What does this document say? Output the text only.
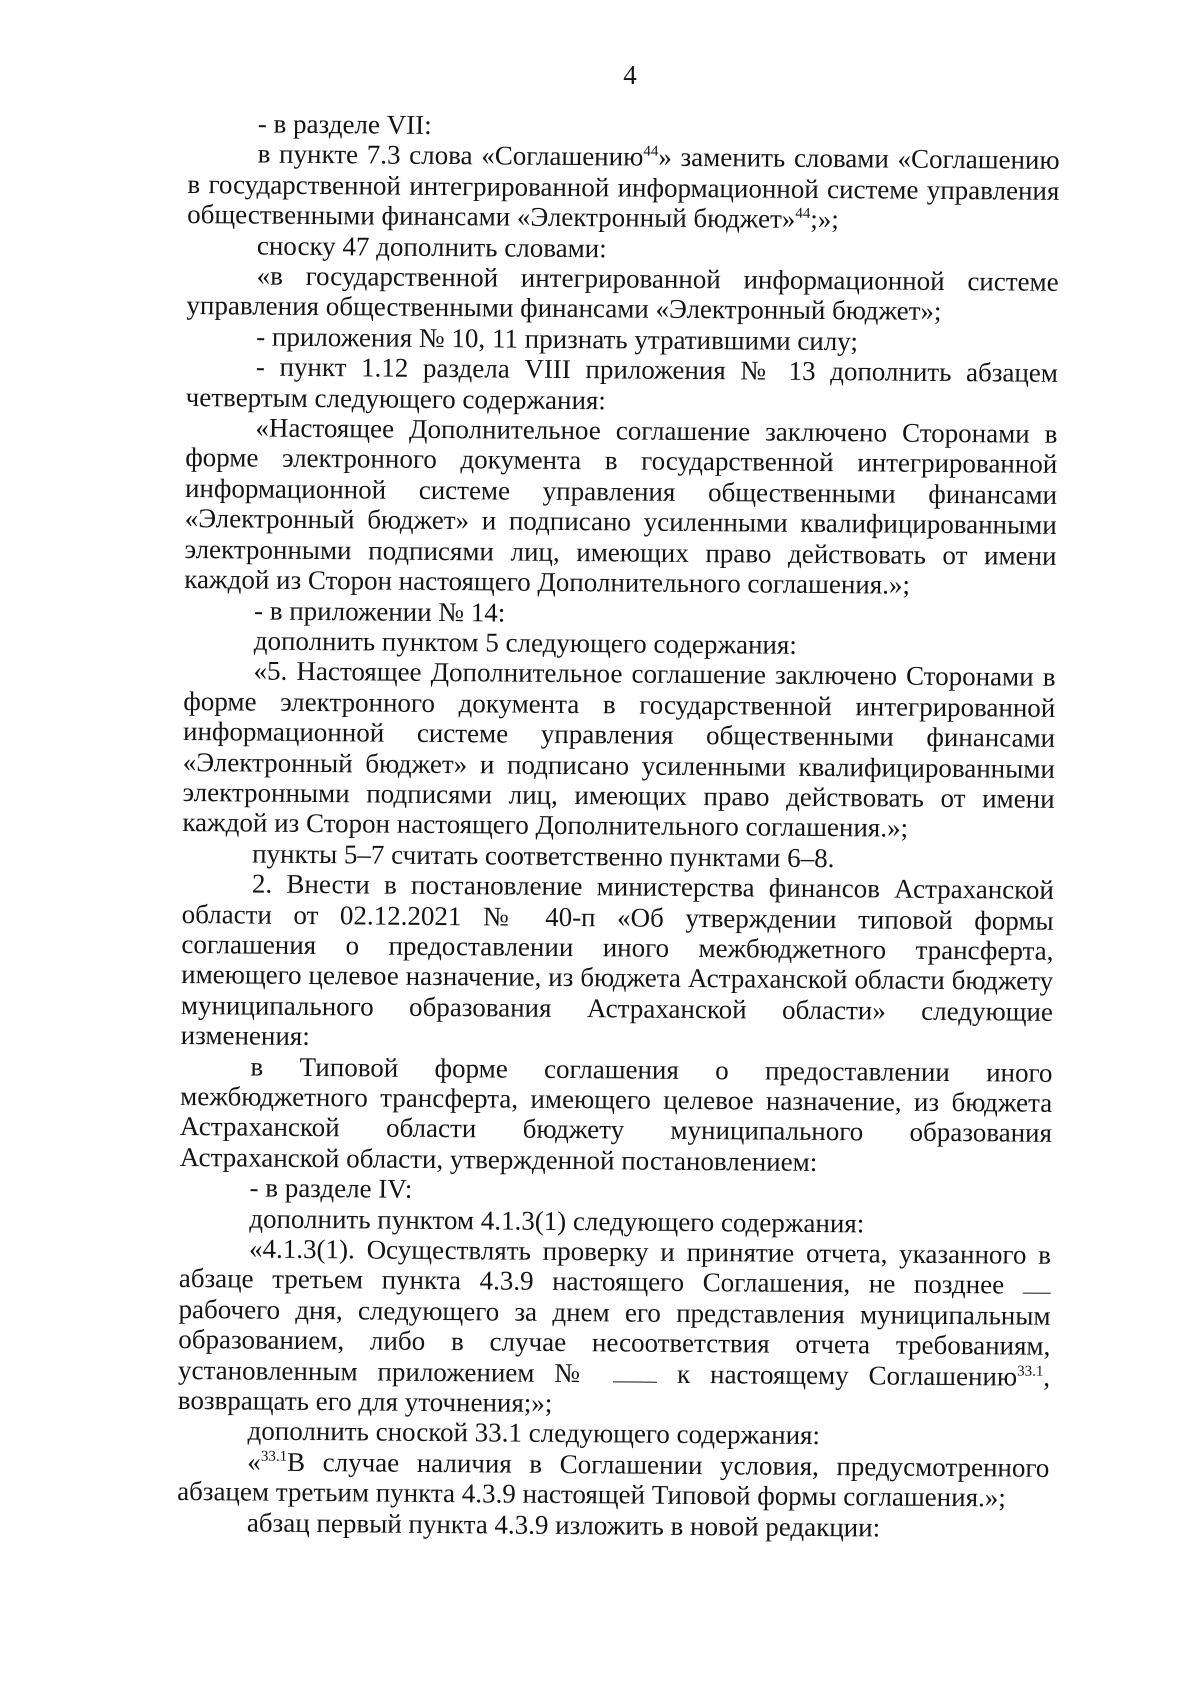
4

- в разделе VII:

в пункте 7.3 слова «Соглашению$^{44}$» заменить словами «Соглашению в государственной интегрированной информационной системе управления общественными финансами «Электронный бюджет»$^{44}$;»;

сноску 47 дополнить словами:

«в государственной интегрированной информационной системе управления общественными финансами «Электронный бюджет»;

- приложения № 10, 11 признать утратившими силу;

- пункт 1.12 раздела VIII приложения № 13 дополнить абзацем четвертым следующего содержания:

«Настоящее Дополнительное соглашение заключено Сторонами в форме электронного документа в государственной интегрированной информационной системе управления общественными финансами «Электронный бюджет» и подписано усиленными квалифицированными электронными подписями лиц, имеющих право действовать от имени каждой из Сторон настоящего Дополнительного соглашения.»;

- в приложении № 14:

дополнить пунктом 5 следующего содержания:

«5. Настоящее Дополнительное соглашение заключено Сторонами в форме электронного документа в государственной интегрированной информационной системе управления общественными финансами «Электронный бюджет» и подписано усиленными квалифицированными электронными подписями лиц, имеющих право действовать от имени каждой из Сторон настоящего Дополнительного соглашения.»;

пункты 5–7 считать соответственно пунктами 6–8.

2. Внести в постановление министерства финансов Астраханской области от 02.12.2021 № 40-п «Об утверждении типовой формы соглашения о предоставлении иного межбюджетного трансферта, имеющего целевое назначение, из бюджета Астраханской области бюджету муниципального образования Астраханской области» следующие изменения:

в Типовой форме соглашения о предоставлении иного межбюджетного трансферта, имеющего целевое назначение, из бюджета Астраханской области бюджету муниципального образования Астраханской области, утвержденной постановлением:

- в разделе IV:

дополнить пунктом 4.1.3(1) следующего содержания:

«4.1.3(1). Осуществлять проверку и принятие отчета, указанного в абзаце третьем пункта 4.3.9 настоящего Соглашения, не позднее  рабочего дня, следующего за днем его представления муниципальным образованием, либо в случае несоответствия отчета требованиям, установленным приложением №	к настоящему Соглашению$^{33.1}$, возвращать его для уточнения;»;

дополнить сноской 33.1 следующего содержания:

«$^{33.1}$В случае наличия в Соглашении условия, предусмотренного абзацем третьим пункта 4.3.9 настоящей Типовой формы соглашения.»;

абзац первый пункта 4.3.9 изложить в новой редакции:
